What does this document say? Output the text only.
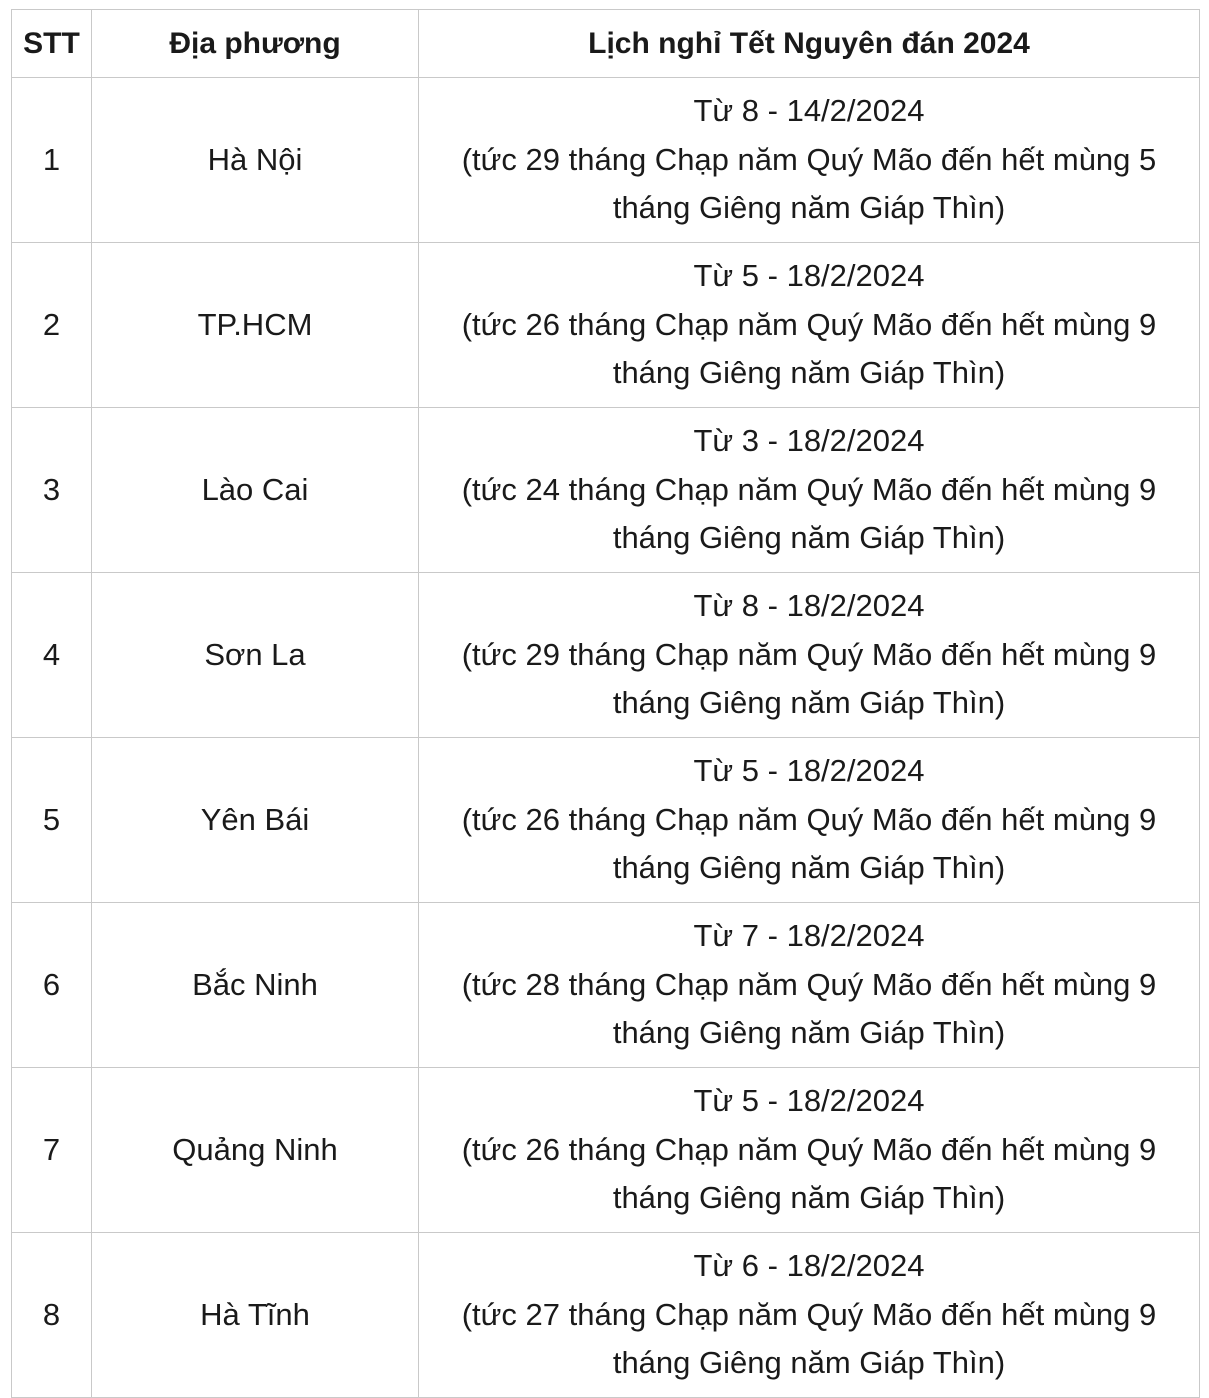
STT	Địa phương	Lịch nghỉ Tết Nguyên đán 2024
1	Hà Nội	Từ 8 - 14/2/2024
(tức 29 tháng Chạp năm Quý Mão đến hết mùng 5
tháng Giêng năm Giáp Thìn)

2	TP.HCM	Từ 5 - 18/2/2024
(tức 26 tháng Chạp năm Quý Mão đến hết mùng 9
tháng Giêng năm Giáp Thìn)

3	Lào Cai	Từ 3 - 18/2/2024
(tức 24 tháng Chạp năm Quý Mão đến hết mùng 9
tháng Giêng năm Giáp Thìn)

4	Sơn La	Từ 8 - 18/2/2024
(tức 29 tháng Chạp năm Quý Mão đến hết mùng 9
tháng Giêng năm Giáp Thìn)

5	Yên Bái	Từ 5 - 18/2/2024
(tức 26 tháng Chạp năm Quý Mão đến hết mùng 9
tháng Giêng năm Giáp Thìn)

6	Bắc Ninh	Từ 7 - 18/2/2024
(tức 28 tháng Chạp năm Quý Mão đến hết mùng 9
tháng Giêng năm Giáp Thìn)

7	Quảng Ninh	Từ 5 - 18/2/2024
(tức 26 tháng Chạp năm Quý Mão đến hết mùng 9
tháng Giêng năm Giáp Thìn)

8	Hà Tĩnh	Từ 6 - 18/2/2024
(tức 27 tháng Chạp năm Quý Mão đến hết mùng 9
tháng Giêng năm Giáp Thìn)
